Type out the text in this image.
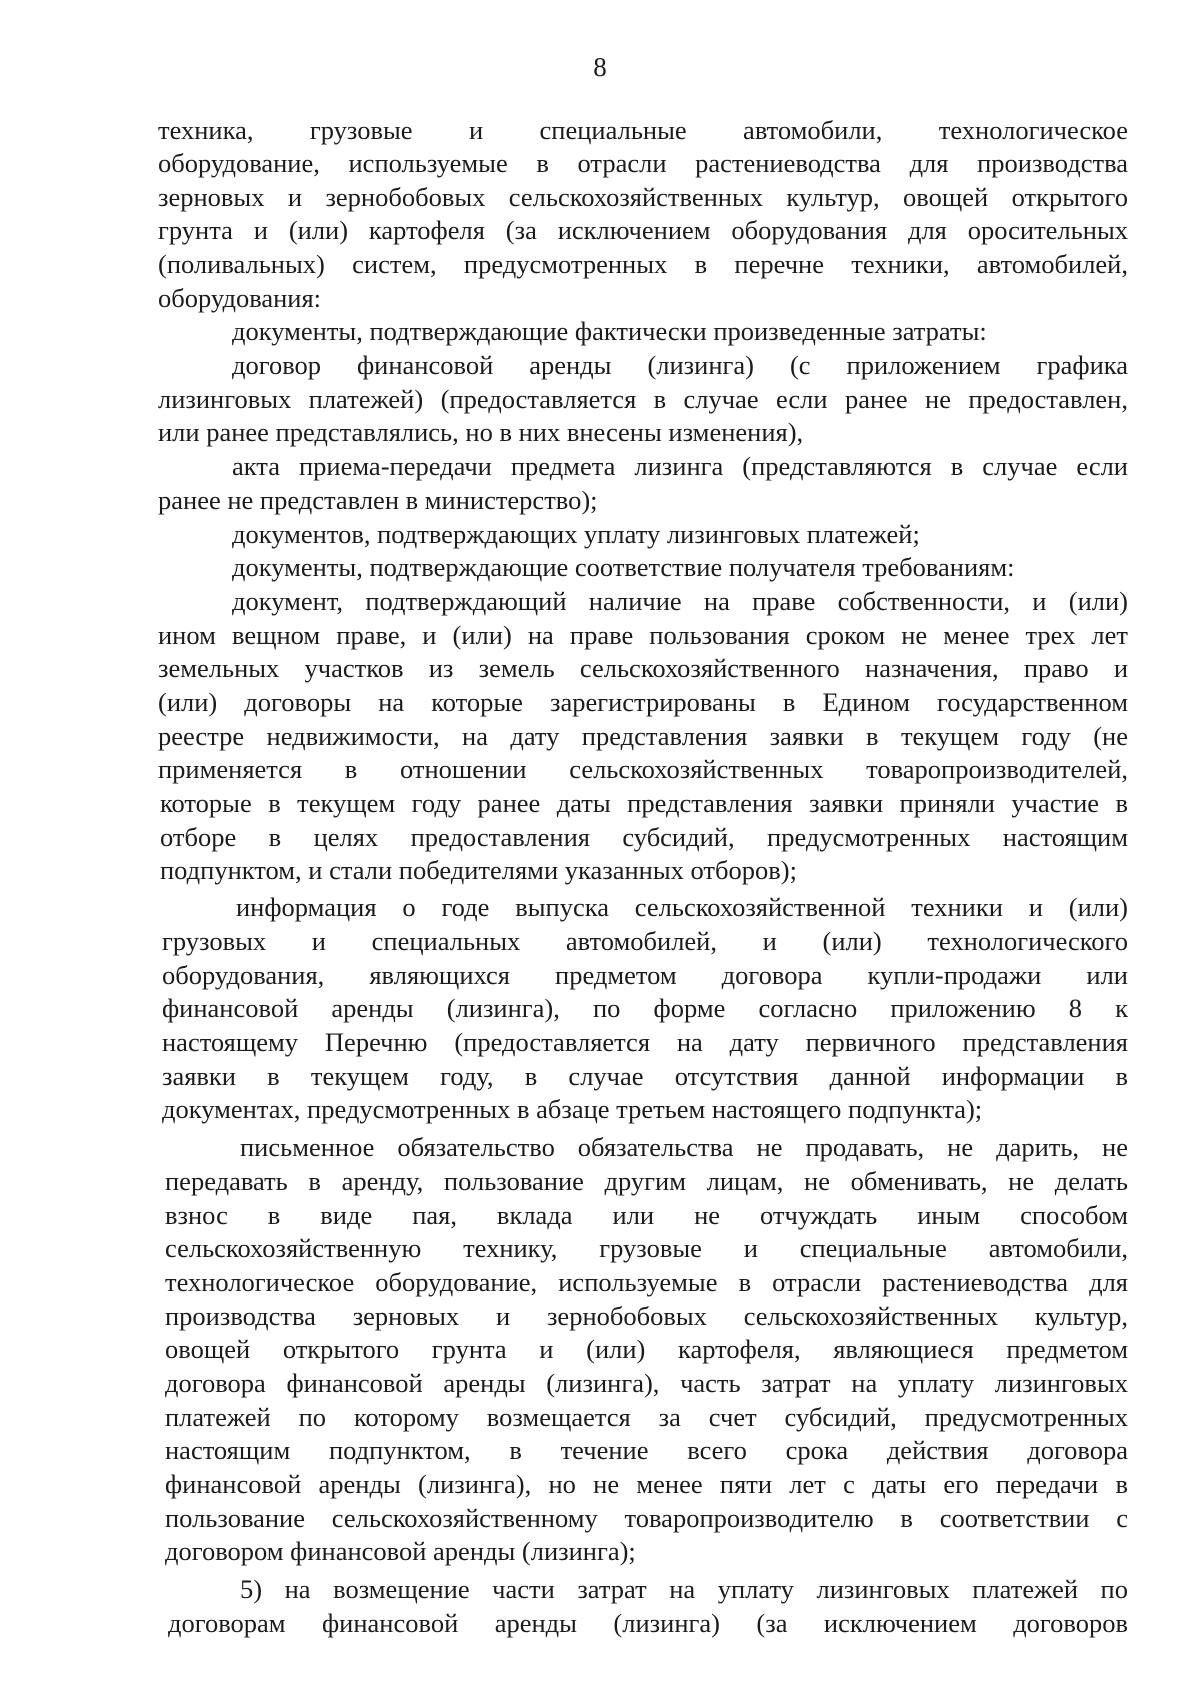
8
техника, грузовые и специальные автомобили, технологическое
оборудование, используемые в отрасли растениеводства для производства
зерновых и зернобобовых сельскохозяйственных культур, овощей открытого
грунта и (или) картофеля (за исключением оборудования для оросительных
(поливальных) систем, предусмотренных в перечне техники, автомобилей,
оборудования:
документы, подтверждающие фактически произведенные затраты:
договор финансовой аренды (лизинга) (с приложением графика
лизинговых платежей) (предоставляется в случае если ранее не предоставлен,
или ранее представлялись, но в них внесены изменения),
акта приема-передачи предмета лизинга (представляются в случае если
ранее не представлен в министерство);
документов, подтверждающих уплату лизинговых платежей;
документы, подтверждающие соответствие получателя требованиям:
документ, подтверждающий наличие на праве собственности, и (или)
ином вещном праве, и (или) на праве пользования сроком не менее трех лет
земельных участков из земель сельскохозяйственного назначения, право и
(или) договоры на которые зарегистрированы в Едином государственном
реестре недвижимости, на дату представления заявки в текущем году (не
применяется в отношении сельскохозяйственных товаропроизводителей,
которые в текущем году ранее даты представления заявки приняли участие в
отборе в целях предоставления субсидий, предусмотренных настоящим
подпунктом, и стали победителями указанных отборов);
информация о годе выпуска сельскохозяйственной техники и (или)
грузовых и специальных автомобилей, и (или) технологического
оборудования, являющихся предметом договора купли-продажи или
финансовой аренды (лизинга), по форме согласно приложению 8 к
настоящему Перечню (предоставляется на дату первичного представления
заявки в текущем году, в случае отсутствия данной информации в
документах, предусмотренных в абзаце третьем настоящего подпункта);
письменное обязательство обязательства не продавать, не дарить, не
передавать в аренду, пользование другим лицам, не обменивать, не делать
взнос в виде пая, вклада или не отчуждать иным способом
сельскохозяйственную технику, грузовые и специальные автомобили,
технологическое оборудование, используемые в отрасли растениеводства для
производства зерновых и зернобобовых сельскохозяйственных культур,
овощей открытого грунта и (или) картофеля, являющиеся предметом
договора финансовой аренды (лизинга), часть затрат на уплату лизинговых
платежей по которому возмещается за счет субсидий, предусмотренных
настоящим подпунктом, в течение всего срока действия договора
финансовой аренды (лизинга), но не менее пяти лет с даты его передачи в
пользование сельскохозяйственному товаропроизводителю в соответствии с
договором финансовой аренды (лизинга);
5) на возмещение части затрат на уплату лизинговых платежей по
договорам финансовой аренды (лизинга) (за исключением договоров
